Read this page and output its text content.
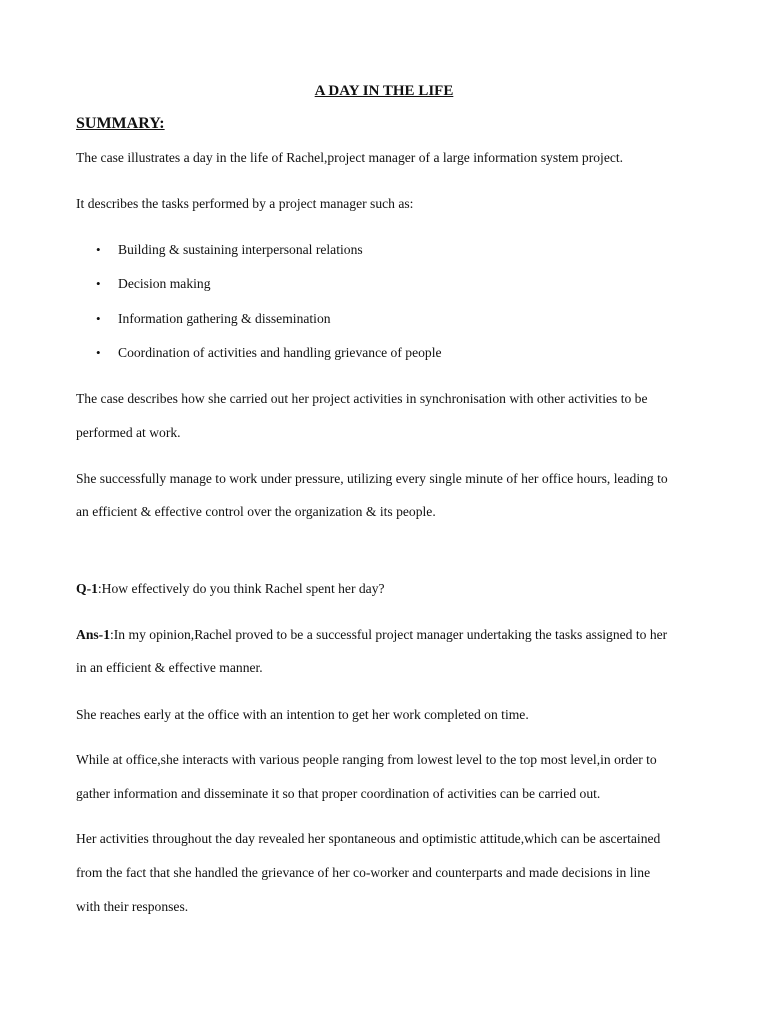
A DAY IN THE LIFE
SUMMARY:

The case illustrates a day in the life of Rachel,project manager of a large information system project.

It describes the tasks performed by a project manager such as:

• Building & sustaining interpersonal relations
• Decision making
• Information gathering & dissemination
• Coordination of activities and handling grievance of people

The case describes how she carried out her project activities in synchronisation with other activities to be

performed at work.

She successfully manage to work under pressure, utilizing every single minute of her office hours, leading to

an efficient & effective control over the organization & its people.

Q-1:How effectively do you think Rachel spent her day?

Ans-1:In my opinion,Rachel proved to be a successful project manager undertaking the tasks assigned to her

in an efficient & effective manner.

She reaches early at the office with an intention to get her work completed on time.

While at office,she interacts with various people ranging from lowest level to the top most level,in order to

gather information and disseminate it so that proper coordination of activities can be carried out.

Her activities throughout the day revealed her spontaneous and optimistic attitude,which can be ascertained

from the fact that she handled the grievance of her co-worker and counterparts and made decisions in line

with their responses.
